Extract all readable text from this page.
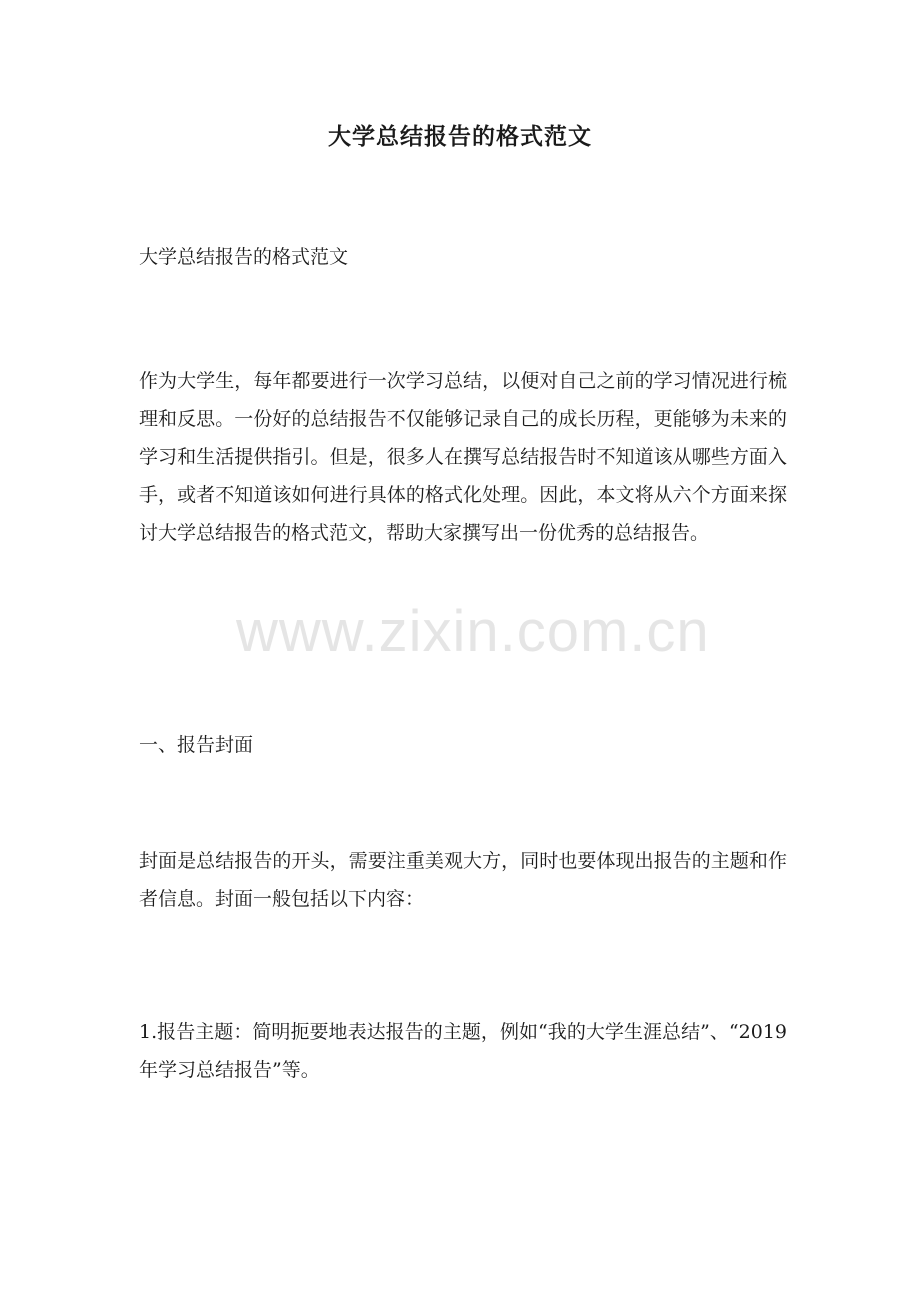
大学总结报告的格式范文

大学总结报告的格式范文

作为大学生，每年都要进行一次学习总结，以便对自己之前的学习情况进行梳理和反思。一份好的总结报告不仅能够记录自己的成长历程，更能够为未来的学习和生活提供指引。但是，很多人在撰写总结报告时不知道该从哪些方面入手，或者不知道该如何进行具体的格式化处理。因此，本文将从六个方面来探讨大学总结报告的格式范文，帮助大家撰写出一份优秀的总结报告。

一、报告封面

封面是总结报告的开头，需要注重美观大方，同时也要体现出报告的主题和作者信息。封面一般包括以下内容：

1.报告主题：简明扼要地表达报告的主题，例如“我的大学生涯总结”、“2019年学习总结报告”等。

www.zixin.com.cn
